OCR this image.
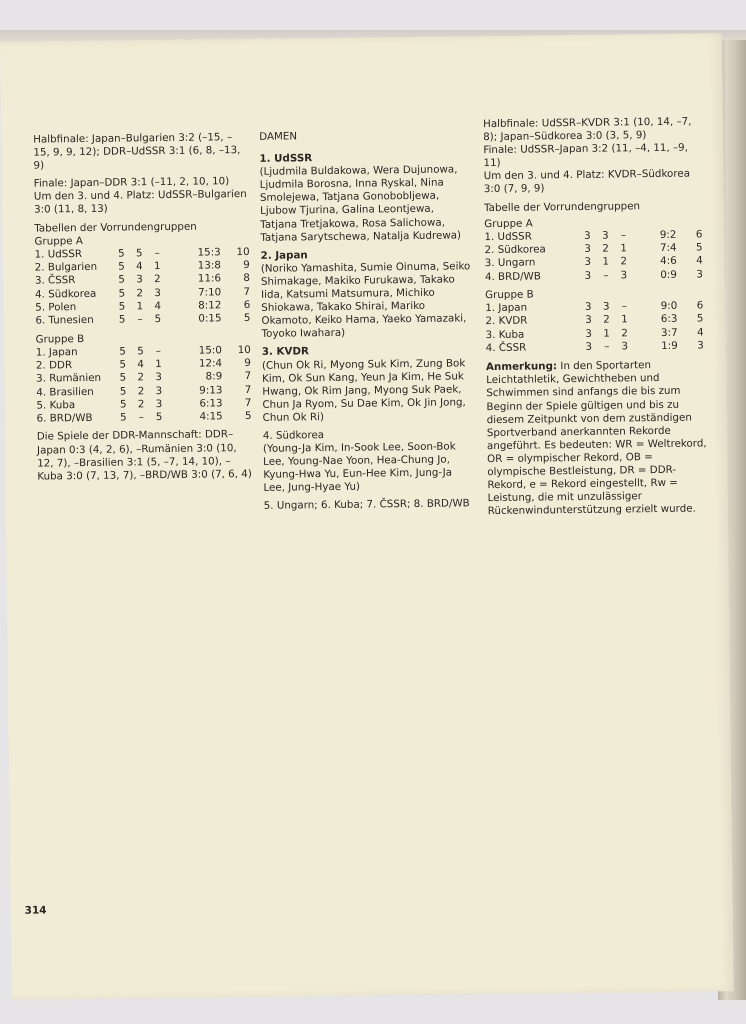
Halbfinale: Japan–Bulgarien 3:2 (–15, –15, 9, 9, 12); DDR–UdSSR 3:1 (6, 8, –13, 9)

Finale: Japan–DDR 3:1 (–11, 2, 10, 10) Um den 3. und 4. Platz: UdSSR–Bulgarien 3:0 (11, 8, 13)

Tabellen der Vorrundengruppen

Gruppe A
1. UdSSR	5	5	–	15:3	10
2. Bulgarien	5	4	1	13:8	9
3. ČSSR	5	3	2	11:6	8
4. Südkorea	5	2	3	7:10	7
5. Polen	5	1	4	8:12	6
6. Tunesien	5	–	5	0:15	5
Gruppe B
1. Japan	5	5	–	15:0	10
2. DDR	5	4	1	12:4	9
3. Rumänien	5	2	3	8:9	7
4. Brasilien	5	2	3	9:13	7
5. Kuba	5	2	3	6:13	7
6. BRD/WB	5	–	5	4:15	5

Die Spiele der DDR-Mannschaft: DDR–Japan 0:3 (4, 2, 6), –Rumänien 3:0 (10, 12, 7), –Brasilien 3:1 (5, –7, 14, 10), –Kuba 3:0 (7, 13, 7), –BRD/WB 3:0 (7, 6, 4)

DAMEN

1. UdSSR

(Ljudmila Buldakowa, Wera Dujunowa, Ljudmila Borosna, Inna Ryskal, Nina Smolejewa, Tatjana Gonobobljewa, Ljubow Tjurina, Galina Leontjewa, Tatjana Tretjakowa, Rosa Salichowa, Tatjana Sarytschewa, Natalja Kudrewa)

2. Japan

(Noriko Yamashita, Sumie Oinuma, Seiko Shimakage, Makiko Furukawa, Takako Iida, Katsumi Matsumura, Michiko Shiokawa, Takako Shirai, Mariko Okamoto, Keiko Hama, Yaeko Yamazaki, Toyoko Iwahara)

3. KVDR

(Chun Ok Ri, Myong Suk Kim, Zung Bok Kim, Ok Sun Kang, Yeun Ja Kim, He Suk Hwang, Ok Rim Jang, Myong Suk Paek, Chun Ja Ryom, Su Dae Kim, Ok Jin Jong, Chun Ok Ri)

4. Südkorea

(Young-Ja Kim, In-Sook Lee, Soon-Bok Lee, Young-Nae Yoon, Hea-Chung Jo, Kyung-Hwa Yu, Eun-Hee Kim, Jung-Ja Lee, Jung-Hyae Yu)

5. Ungarn; 6. Kuba; 7. ČSSR; 8. BRD/WB

Halbfinale: UdSSR–KVDR 3:1 (10, 14, –7, 8); Japan–Südkorea 3:0 (3, 5, 9)

Finale: UdSSR–Japan 3:2 (11, –4, 11, –9, 11)

Um den 3. und 4. Platz: KVDR–Südkorea 3:0 (7, 9, 9)

Tabelle der Vorrundengruppen

Gruppe A
1. UdSSR	3	3	–	9:2	6
2. Südkorea	3	2	1	7:4	5
3. Ungarn	3	1	2	4:6	4
4. BRD/WB	3	–	3	0:9	3
Gruppe B
1. Japan	3	3	–	9:0	6
2. KVDR	3	2	1	6:3	5
3. Kuba	3	1	2	3:7	4
4. ČSSR	3	–	3	1:9	3

Anmerkung: In den Sportarten Leichtathletik, Gewichtheben und Schwimmen sind anfangs die bis zum Beginn der Spiele gültigen und bis zu diesem Zeitpunkt von dem zuständigen Sportverband anerkannten Rekorde angeführt. Es bedeuten: WR = Weltrekord, OR = olympischer Rekord, OB = olympische Bestleistung, DR = DDR-Rekord, e = Rekord eingestellt, Rw = Leistung, die mit unzulässiger Rückenwindunterstützung erzielt wurde.

314
